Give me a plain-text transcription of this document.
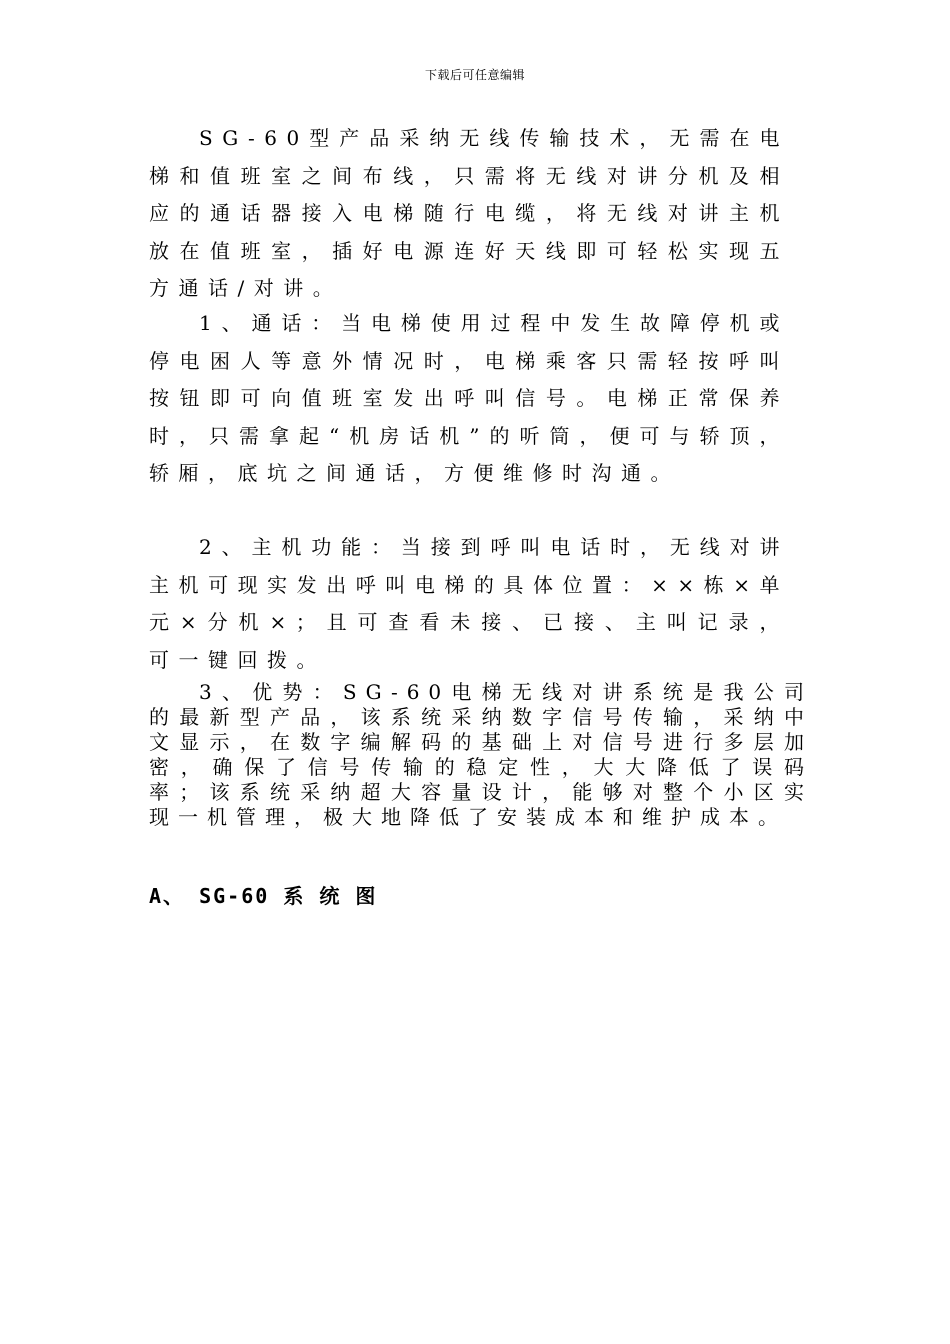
下载后可任意编辑

SG-60型产品采纳无线传输技术，无需在电梯和值班室之间布线，只需将无线对讲分机及相应的通话器接入电梯随行电缆，将无线对讲主机放在值班室，插好电源连好天线即可轻松实现五方通话/对讲。

1、通话：当电梯使用过程中发生故障停机或停电困人等意外情况时，电梯乘客只需轻按呼叫按钮即可向值班室发出呼叫信号。电梯正常保养时，只需拿起“机房话机”的听筒，便可与轿顶，轿厢，底坑之间通话，方便维修时沟通。

2、主机功能：当接到呼叫电话时，无线对讲主机可现实发出呼叫电梯的具体位置：××栋×单元×分机×；且可查看未接、已接、主叫记录，可一键回拨。

3、优势：SG-60电梯无线对讲系统是我公司的最新型产品，该系统采纳数字信号传输，采纳中文显示，在数字编解码的基础上对信号进行多层加密，确保了信号传输的稳定性，大大降低了误码率；该系统采纳超大容量设计，能够对整个小区实现一机管理，极大地降低了安装成本和维护成本。

A、 SG-60 系 统 图
